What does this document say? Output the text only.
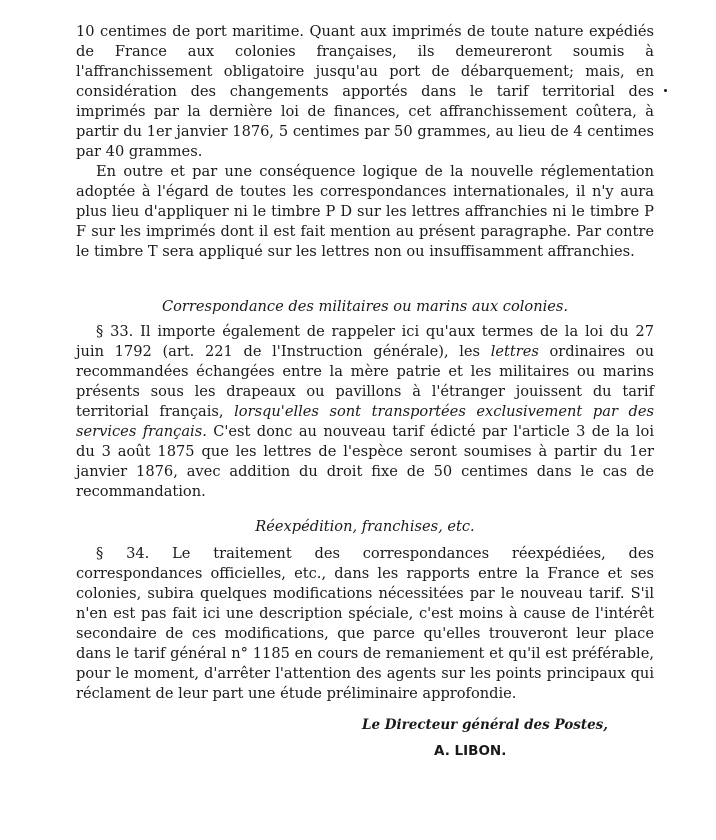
10 centimes de port maritime. Quant aux imprimés de toute nature expédiés de France aux colonies françaises, ils demeureront soumis à l'affranchissement obligatoire jusqu'au port de débarquement; mais, en considération des changements apportés dans le tarif territorial des imprimés par la dernière loi de finances, cet affranchissement coûtera, à partir du 1er janvier 1876, 5 centimes par 50 grammes, au lieu de 4 centimes par 40 grammes.

En outre et par une conséquence logique de la nouvelle réglementation adoptée à l'égard de toutes les correspondances internationales, il n'y aura plus lieu d'appliquer ni le timbre P D sur les lettres affranchies ni le timbre P F sur les imprimés dont il est fait mention au présent paragraphe. Par contre le timbre T sera appliqué sur les lettres non ou insuffisamment affranchies.

Correspondance des militaires ou marins aux colonies.

§ 33. Il importe également de rappeler ici qu'aux termes de la loi du 27 juin 1792 (art. 221 de l'Instruction générale), les lettres ordinaires ou recommandées échangées entre la mère patrie et les militaires ou marins présents sous les drapeaux ou pavillons à l'étranger jouissent du tarif territorial français, lorsqu'elles sont transportées exclusivement par des services français. C'est donc au nouveau tarif édicté par l'article 3 de la loi du 3 août 1875 que les lettres de l'espèce seront soumises à partir du 1er janvier 1876, avec addition du droit fixe de 50 centimes dans le cas de recommandation.

Réexpédition, franchises, etc.

§ 34. Le traitement des correspondances réexpédiées, des correspondances officielles, etc., dans les rapports entre la France et ses colonies, subira quelques modifications nécessitées par le nouveau tarif. S'il n'en est pas fait ici une description spéciale, c'est moins à cause de l'intérêt secondaire de ces modifications, que parce qu'elles trouveront leur place dans le tarif général n° 1185 en cours de remaniement et qu'il est préférable, pour le moment, d'arrêter l'attention des agents sur les points principaux qui réclament de leur part une étude préliminaire approfondie.

Le Directeur général des Postes,
A. LIBON.
